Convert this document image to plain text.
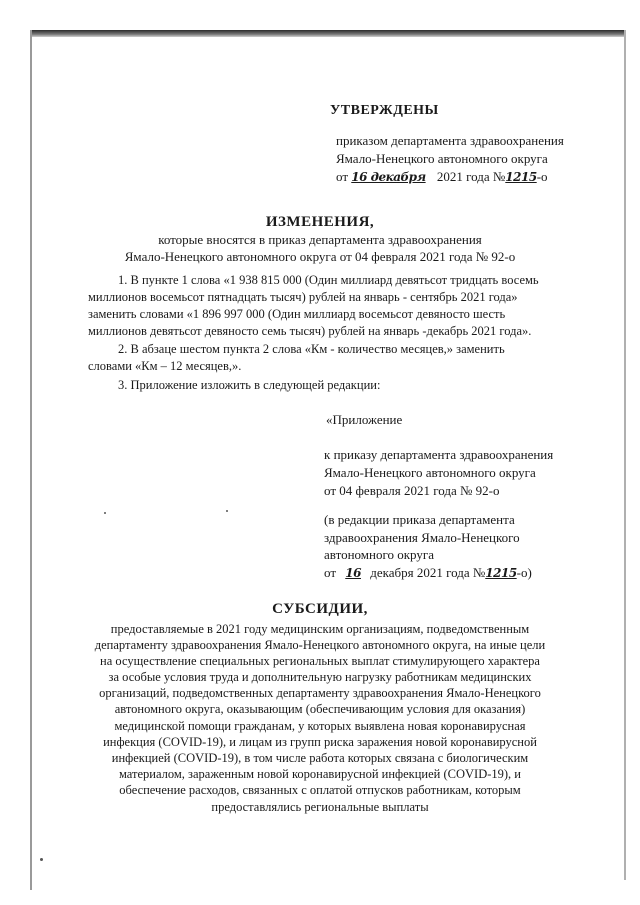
УТВЕРЖДЕНЫ
приказом департамента здравоохранения
Ямало-Ненецкого автономного округа
от 16 декабря 2021 года №1215-о
ИЗМЕНЕНИЯ,
которые вносятся в приказ департамента здравоохранения
Ямало-Ненецкого автономного округа от 04 февраля 2021 года № 92-о
1. В пункте 1 слова «1 938 815 000 (Один миллиард девятьсот тридцать восемь
миллионов восемьсот пятнадцать тысяч) рублей на январь - сентябрь 2021 года»
заменить словами «1 896 997 000 (Один миллиард восемьсот девяносто шесть
миллионов девятьсот девяносто семь тысяч) рублей на январь -декабрь 2021 года».
2. В абзаце шестом пункта 2 слова «Км - количество месяцев,» заменить
словами «Км – 12 месяцев,».
3. Приложение изложить в следующей редакции:
«Приложение
к приказу департамента здравоохранения
Ямало-Ненецкого автономного округа
от 04 февраля 2021 года № 92-о
(в редакции приказа департамента
здравоохранения Ямало-Ненецкого
автономного округа
от 16 декабря 2021 года №1215-о)
СУБСИДИИ,
предоставляемые в 2021 году медицинским организациям, подведомственным
департаменту здравоохранения Ямало-Ненецкого автономного округа, на иные цели
на осуществление специальных региональных выплат стимулирующего характера
за особые условия труда и дополнительную нагрузку работникам медицинских
организаций, подведомственных департаменту здравоохранения Ямало-Ненецкого
автономного округа, оказывающим (обеспечивающим условия для оказания)
медицинской помощи гражданам, у которых выявлена новая коронавирусная
инфекция (COVID-19), и лицам из групп риска заражения новой коронавирусной
инфекцией (COVID-19), в том числе работа которых связана с биологическим
материалом, зараженным новой коронавирусной инфекцией (COVID-19), и
обеспечение расходов, связанных с оплатой отпусков работникам, которым
предоставлялись региональные выплаты
